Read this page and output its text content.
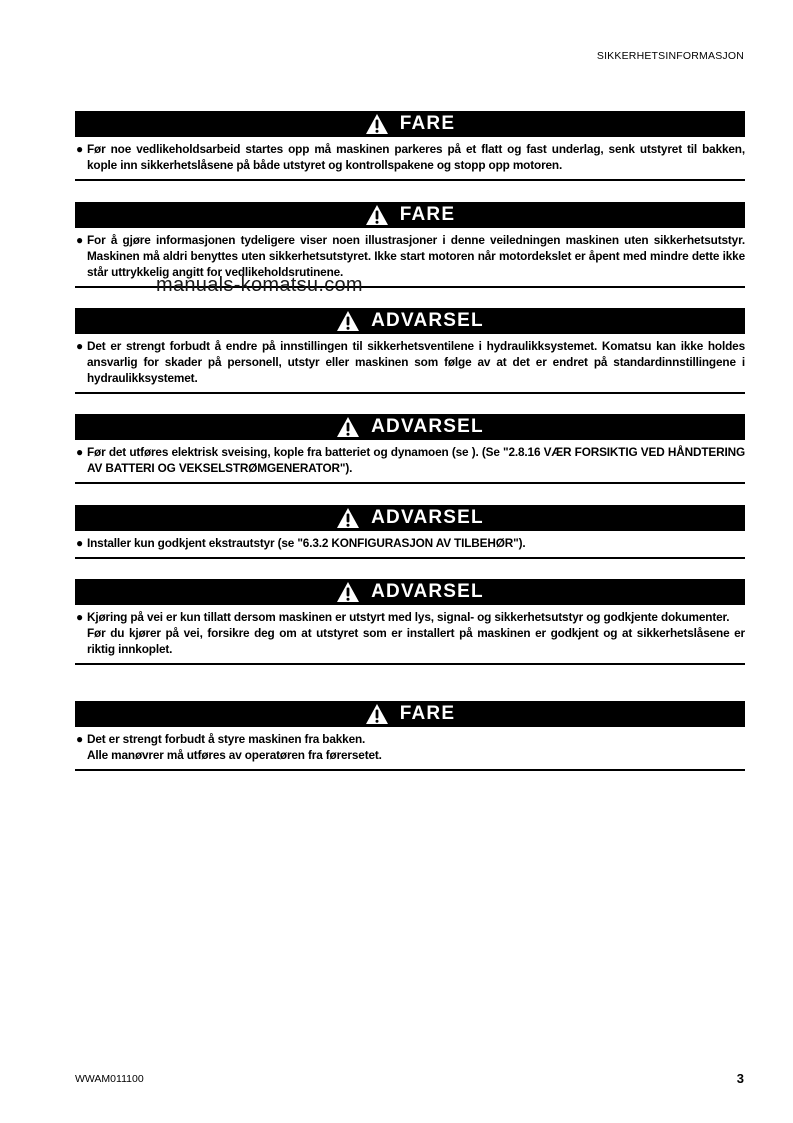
SIKKERHETSINFORMASJON
FARE
● Før noe vedlikeholdsarbeid startes opp må maskinen parkeres på et flatt og fast underlag, senk utstyret til bakken, kople inn sikkerhetslåsene på både utstyret og kontrollspakene og stopp opp motoren.

FARE
● For å gjøre informasjonen tydeligere viser noen illustrasjoner i denne veiledningen maskinen uten sikkerhetsutstyr. Maskinen må aldri benyttes uten sikkerhetsutstyret. Ikke start motoren når motordekslet er åpent med mindre dette ikke står uttrykkelig angitt for vedlikeholdsrutinene.

manuals-komatsu.com
ADVARSEL
● Det er strengt forbudt å endre på innstillingen til sikkerhetsventilene i hydraulikksystemet. Komatsu kan ikke holdes ansvarlig for skader på personell, utstyr eller maskinen som følge av at det er endret på standardinnstillingene i hydraulikksystemet.

ADVARSEL
● Før det utføres elektrisk sveising, kople fra batteriet og dynamoen (se ). (Se "2.8.16 VÆR FORSIKTIG VED HÅNDTERING AV BATTERI OG VEKSELSTRØMGENERATOR").

ADVARSEL
● Installer kun godkjent ekstrautstyr (se "6.3.2 KONFIGURASJON AV TILBEHØR").

ADVARSEL
● Kjøring på vei er kun tillatt dersom maskinen er utstyrt med lys, signal- og sikkerhetsutstyr og godkjente dokumenter.

Før du kjører på vei, forsikre deg om at utstyret som er installert på maskinen er godkjent og at sikkerhetslåsene er riktig innkoplet.

FARE
● Det er strengt forbudt å styre maskinen fra bakken.

Alle manøvrer må utføres av operatøren fra førersetet.

WWAM011100	3
